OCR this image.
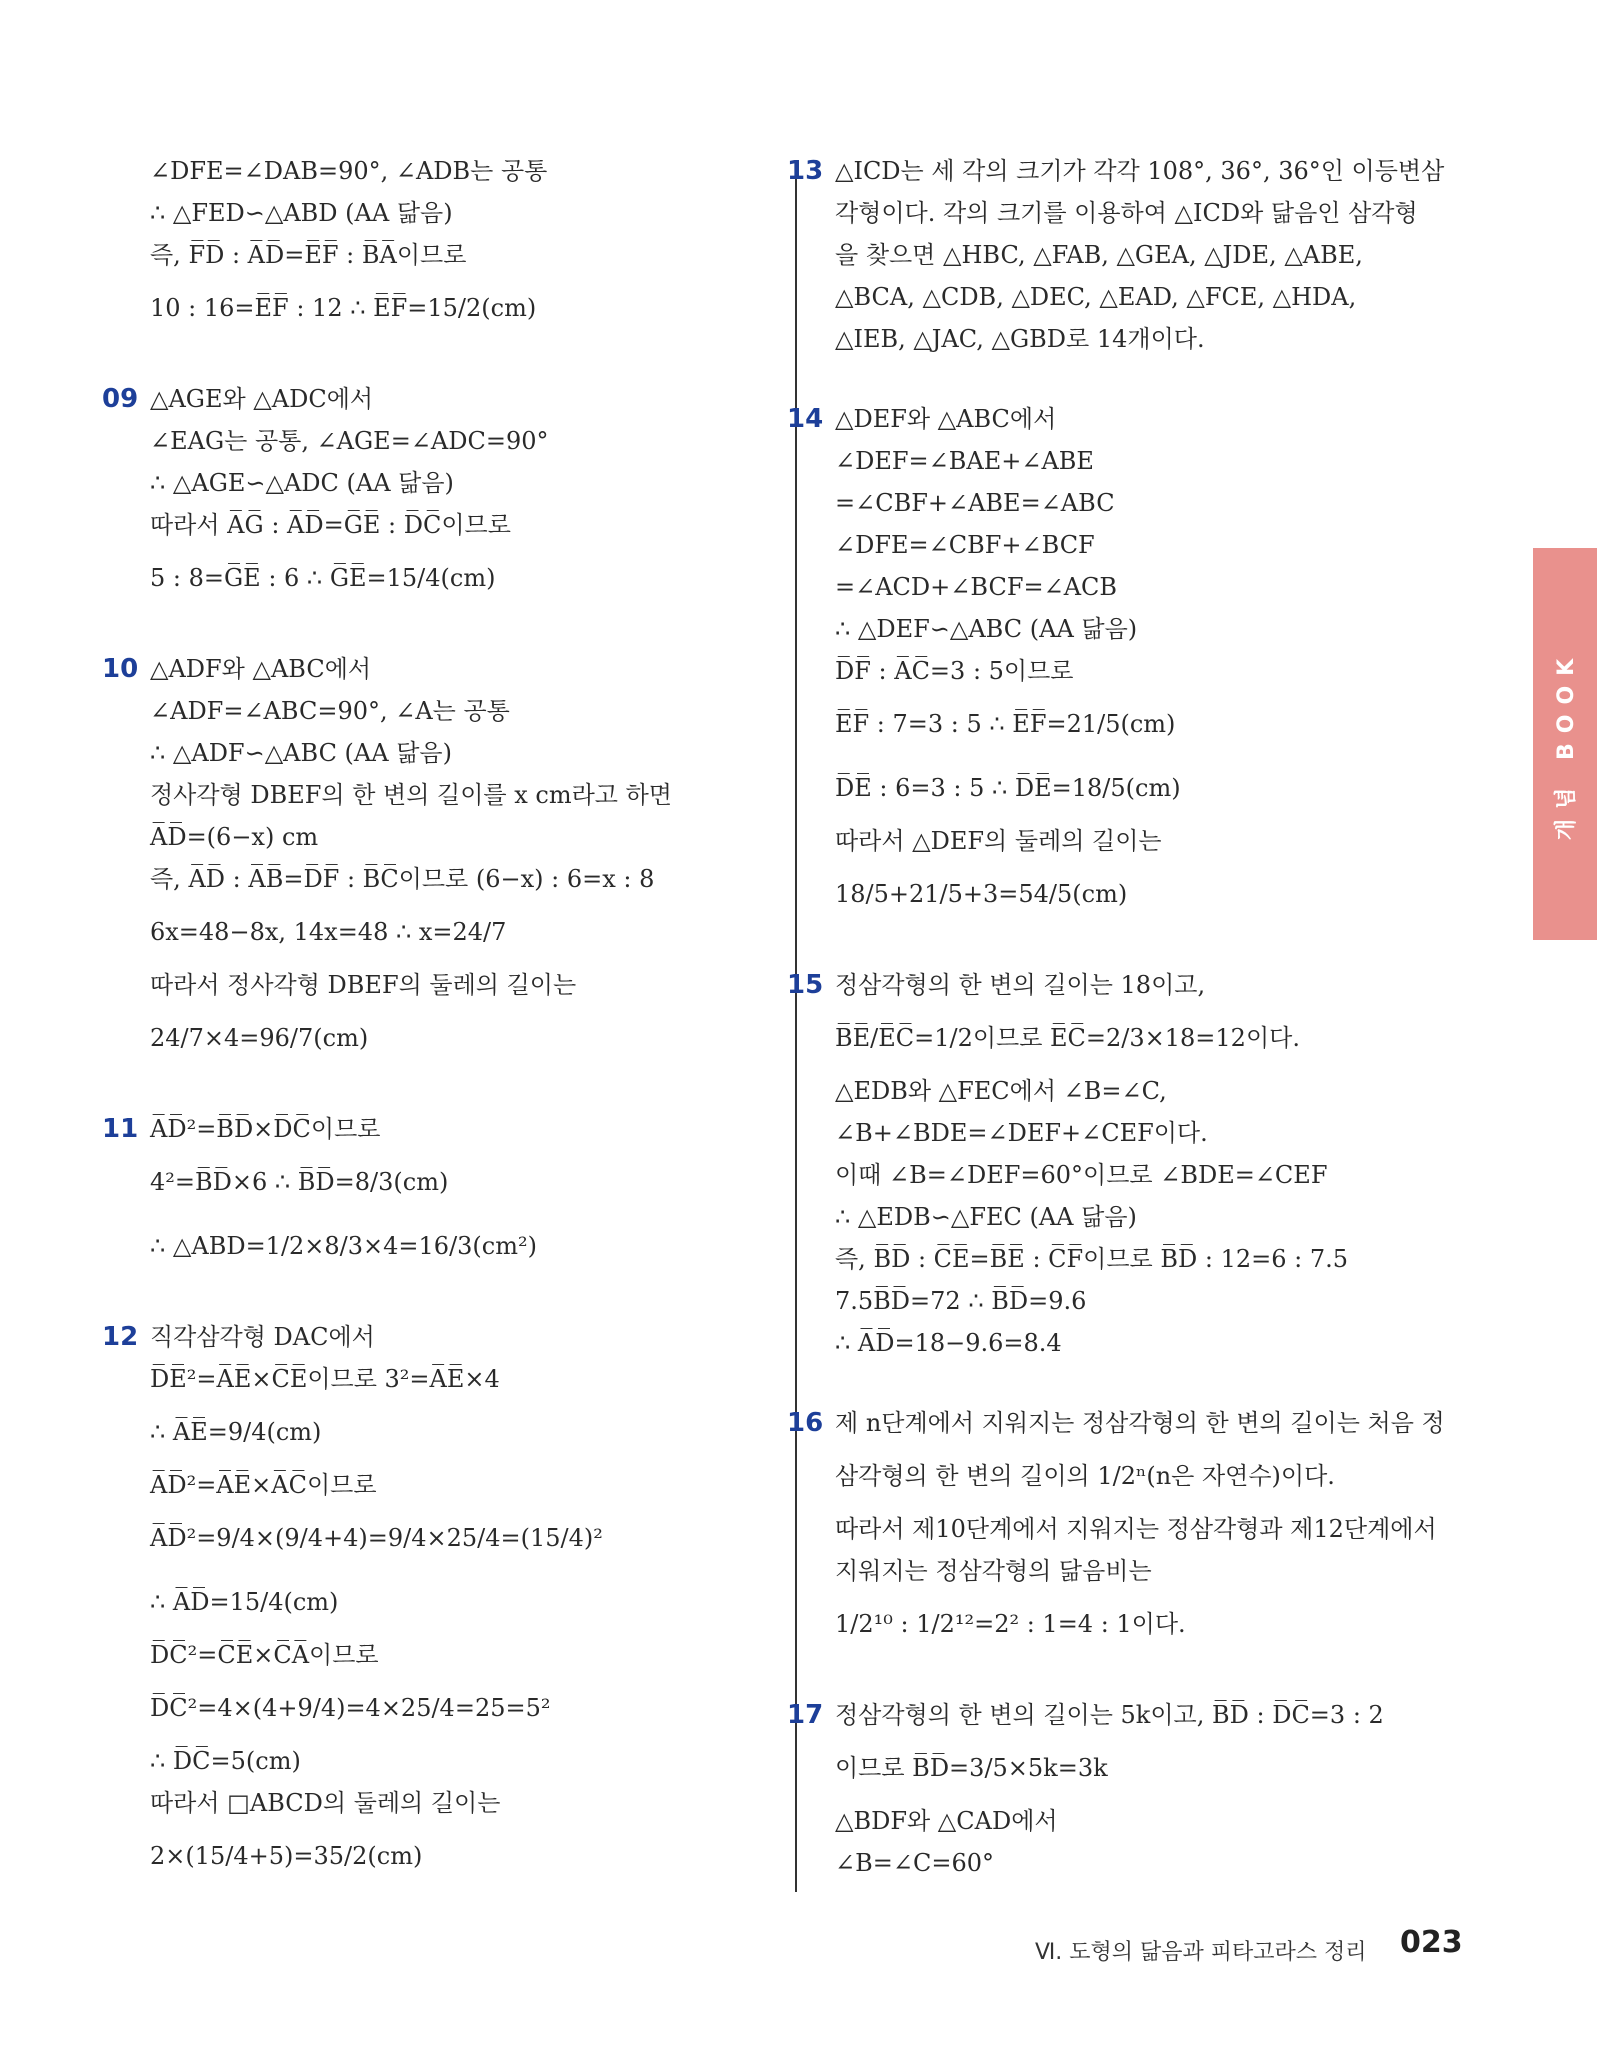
∠DFE=∠DAB=90°, ∠ADB는 공통
∴ △FED∽△ABD (AA 닮음)
즉, F̅D̅ : A̅D̅=E̅F̅ : B̅A̅이므로
10 : 16=E̅F̅ : 12 ∴ E̅F̅=15/2(cm)
09 △AGE와 △ADC에서
∠EAG는 공통, ∠AGE=∠ADC=90°
∴ △AGE∽△ADC (AA 닮음)
따라서 A̅G̅ : A̅D̅=G̅E̅ : D̅C̅이므로
5 : 8=G̅E̅ : 6 ∴ G̅E̅=15/4(cm)
10 △ADF와 △ABC에서
∠ADF=∠ABC=90°, ∠A는 공통
∴ △ADF∽△ABC (AA 닮음)
정사각형 DBEF의 한 변의 길이를 x cm라고 하면
A̅D̅=(6−x) cm
즉, A̅D̅ : A̅B̅=D̅F̅ : B̅C̅이므로 (6−x) : 6=x : 8
6x=48−8x, 14x=48 ∴ x=24/7
따라서 정사각형 DBEF의 둘레의 길이는
24/7×4=96/7(cm)
11 A̅D̅²=B̅D̅×D̅C̅이므로
4²=B̅D̅×6 ∴ B̅D̅=8/3(cm)
∴ △ABD=1/2×8/3×4=16/3(cm²)
12 직각삼각형 DAC에서
D̅E̅²=A̅E̅×C̅E̅이므로 3²=A̅E̅×4
∴ A̅E̅=9/4(cm)
A̅D̅²=A̅E̅×A̅C̅이므로
A̅D̅²=9/4×(9/4+4)=9/4×25/4=(15/4)²
∴ A̅D̅=15/4(cm)
D̅C̅²=C̅E̅×C̅A̅이므로
D̅C̅²=4×(4+9/4)=4×25/4=25=5²
∴ D̅C̅=5(cm)
따라서 □ABCD의 둘레의 길이는
2×(15/4+5)=35/2(cm)
13 △ICD는 세 각의 크기가 각각 108°, 36°, 36°인 이등변삼
각형이다. 각의 크기를 이용하여 △ICD와 닮음인 삼각형
을 찾으면 △HBC, △FAB, △GEA, △JDE, △ABE,
△BCA, △CDB, △DEC, △EAD, △FCE, △HDA,
△IEB, △JAC, △GBD로 14개이다.
14 △DEF와 △ABC에서
∠DEF=∠BAE+∠ABE
=∠CBF+∠ABE=∠ABC
∠DFE=∠CBF+∠BCF
=∠ACD+∠BCF=∠ACB
∴ △DEF∽△ABC (AA 닮음)
D̅F̅ : A̅C̅=3 : 5이므로
E̅F̅ : 7=3 : 5 ∴ E̅F̅=21/5(cm)
D̅E̅ : 6=3 : 5 ∴ D̅E̅=18/5(cm)
따라서 △DEF의 둘레의 길이는
18/5+21/5+3=54/5(cm)
15 정삼각형의 한 변의 길이는 18이고,
B̅E̅/E̅C̅=1/2이므로 E̅C̅=2/3×18=12이다.
△EDB와 △FEC에서 ∠B=∠C,
∠B+∠BDE=∠DEF+∠CEF이다.
이때 ∠B=∠DEF=60°이므로 ∠BDE=∠CEF
∴ △EDB∽△FEC (AA 닮음)
즉, B̅D̅ : C̅E̅=B̅E̅ : C̅F̅이므로 B̅D̅ : 12=6 : 7.5
7.5B̅D̅=72 ∴ B̅D̅=9.6
∴ A̅D̅=18−9.6=8.4
16 제 n단계에서 지워지는 정삼각형의 한 변의 길이는 처음 정
삼각형의 한 변의 길이의 1/2ⁿ(n은 자연수)이다.
따라서 제10단계에서 지워지는 정삼각형과 제12단계에서
지워지는 정삼각형의 닮음비는
1/2¹⁰ : 1/2¹²=2² : 1=4 : 1이다.
17 정삼각형의 한 변의 길이는 5k이고, B̅D̅ : D̅C̅=3 : 2
이므로 B̅D̅=3/5×5k=3k
△BDF와 △CAD에서
∠B=∠C=60°
개념 BOOK
Ⅵ. 도형의 닮음과 피타고라스 정리 023
